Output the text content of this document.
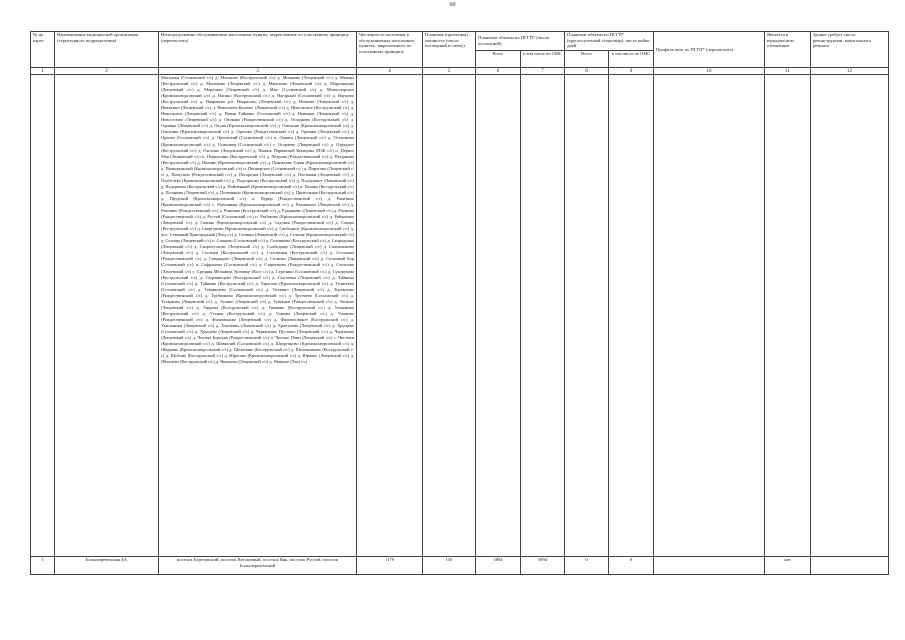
60
№ на карте	Наименование медицинской организации (структурного подразделения)	Непосредственно обслуживаемые населенные пункты, закрепленные по участковому принципу (перечислить)	Численность населения в обслуживаемых населенных пунктах, закрепленного по участковому принципу	Плановая (проектная) мощность (число посещений в смену)	Плановые объемы по ПГГП* (число посещений)		Плановые объемы по ПГГП* (круглосуточный стационар), число койко-дней		Профиль коек по ПГГП* (перечислить)	Является в юридическом отношении	Здание требует сноса, реконструкции, капитального ремонта
					Всего	в том числе по ОМС	Всего	в том числе по ОМС			
1	2	3	4	5	6	7	8	9	10	11	12
		Мотыжки (Сосновский с/с) д. Мошково (Кострульский с/с) д. Мошково (Лещевский с/с) д. Мяжцы (Кострульский с/с) д. Мыльково (Лещевский с/с) д. Мякотино (Лещевский с/с) д. Марьевщина (Лещевский с/с) д. Мерезино (Лещевский с/с) д. Мыс (Сосновский с/с) д. Монастырское (Кромскохворсовский с/с) д. Нагино (Кострульский с/с) д. Нагорный (Сосновский с/с) д. Наумово (Кострульский с/с) д. Навраково р.п. Некрасово (Лещевский с/с) д. Нечаево (Лещевский с/с) д. Никитино (Лещевский с/с) д. Николаево-Кулаево (Лещевский с/с) д. Никольское (Кострульский с/с) д. Никольское (Лещевский с/с) д. Новая Тайнино (Сосновский с/с) д. Новинки (Лещевский с/с) д. Новоселово (Лещевский с/с) д. Овсянка (Рождественский с/с) д. Огладково (Кострульский с/с) д. Одинцы (Лещевский с/с) д. Окунь (Кромскохворсовский с/с) д. Омелино (Кромскохворсовский с/с) д. Ольховка (Кромскохворсовский с/с) д. Орехово (Рождественский с/с) д. Орешки (Лещевский с/с) д. Орлово (Сосновский с/с) д. Орловский (Сосновский с/с) п. Ошкин (Лещевский с/с) д. Осташково (Кромскохворсовский с/с) д. Осиновец (Сосновский с/с) с. Остряево (Лещевский с/с) д. Отрадное (Кострульский с/с) д. Охотино (Лещевский с/с) д. Память Парижской Коммуны (ПЗК с/с) п. Первое Мая (Лещевский с/с) п. Первушино (Кострульский с/с) д. Петрово (Рождественский с/с) д. Петряково (Кострульский с/с) д. Пикино (Кромскохворсовский с/с) д. Пиковские Горки (Кромскохворсовский с/с) д. Пилигринский (Кромскохворсовский с/с) п. Пионерское (Сосновский с/с) д. Пирогово (Лещевский с/с) д. Пичугино (Рождественский с/с) д. Погорелка (Лещевский с/с) д. Плотники (Лещевский с/с) д. Подбелёво (Кромскохворсовский с/с) д. Подгорново (Кострульский с/с) д. Подлужное (Лещевский с/с) д. Подорвино (Кострульский с/с) д. Пойменный (Кромскохворсовский с/с) п. Поляко (Кострульский с/с) д. Поляково (Лещевский с/с) д. Потемкино (Кромскохворсовский с/с) д. Пригольная (Кострульский с/с) д. Прудский (Кромскохворсовский с/с) п. Пурпр (Рождественский с/с) д. Ракитино (Кромскохворсовский с/с) с. Ратушинка (Кромскохворсовский с/с) д. Рахманиха (Лещевский с/с) д. Рекшино (Рождественский с/с) д. Рожново (Кострульский с/с) д. Рудниково (Лещевский с/с) д. Рычково (Рождественский с/с) д. Рустай (Сосновский с/с) п. Рыбаково (Кромскохворсовский с/с) д. Рябиновка (Лещевский с/с) д. Савино (Кромскохворсовский с/с) д. Садовая (Рождественский с/с) д. Самцы (Кострульский с/с) д. Свергунево (Кромскохворсовский с/с) д. Свободное (Кромскохворсовский с/с) д. пос. Северный Пригородный (Лещ с/с) д. Селищи (Лещевский с/с) д. Селище (Кромскохворсовский с/с) д. Селище (Лещевский с/с) п. Сипково (Сосновский с/с) д. Ситниково (Кострульский с/с) д. Скородумка (Лещевский с/с) д. Скоропусково (Лещевский с/с) д. Слободище (Лещевский с/с) д. Смольниково (Лещевский с/с) д. Сосенки (Кострульский с/с) д. Соловенки (Кострульский с/с) д. Сосновка (Рождественский с/с) д. Спиридово (Лещевский с/с) д. Сосново (Лещевский с/с) д. Сосновый Бор (Сосновский с/с) п. Софроново (Сосновский с/с) д. Староиково (Рождественский с/с) д. Столпово (Лещевский с/с) с. Средняя Мельница Урочище (Кост с/с) д. Стрелино (Сосновский с/с) д. Сухорукова (Кострульский с/с) д. Сюрзиноцево (Кострульский с/с) д. Сысоевка (Лещевский с/с) д. Тайнино (Сосновский с/с) д. Тайнино (Кострульский с/с) д. Тарасово (Кромскохворсовский с/с) д. Телятьево (Сосновский с/с) д. Теминшево (Сосновский с/с) д. Тихвино (Лещевский с/с) д. Торгашово (Рождественский с/с) д. Трубниково (Кромскохворсовский с/с) д. Трутнево (Сосновский с/с) д. Тугарково (Лещевский с/с) д. Тупино (Лещевский с/с) д. Тушанки (Рождественский с/с) д. Тютино (Лещевский с/с) д. Уварово (Кострульский с/с) д. Ушаково (Кострульский с/с) д. Ульянково (Кострульский с/с) д. Утенки (Кострульский с/с) д. Ушково (Лещевский с/с) д. Ушаково (Рождественский с/с) д. Филимоново (Лещевский с/с) д. Филипповское (Кострульский с/с) д. Хмельники (Лещевский с/с) д. Хмелёвка (Лещевский с/с) д. Храпуново (Лещевский с/с) д. Хрущево (Сосновский с/с) д. Хрущёво (Лещевский с/с) д. Черкизьево Пустошь (Лещевский с/с) д. Черкизово (Лещевский с/с) д. Чистые Борские (Рождественский с/с) п. Чистые Пони (Лещевский с/с) с. Чистики (Кромскохворсовский с/с) д. Шавкалий (Сосновский с/с) д. Шкурганово (Кромскохворсовский с/с) д. Шеврино (Кромскохворсовский с/с) д. Шелепино (Кострульский с/с) д. Шелепниково (Кострульский с/с) д. Шубино (Кострульский с/с) д. Юрасово (Кромскохворсовский с/с) д. Юрково (Лещевский с/с) д. Яблонево (Кострульский с/с) д. Яковлево (Лещевский с/с) д. Якшино (Лещ с/с)									
5	Большереченская БА	поселок Березовский, поселок Ветошеный, поселок Вяк, поселок Рустай, поселок Большереченский	1179	150	3894	3894	0	0		нет	
